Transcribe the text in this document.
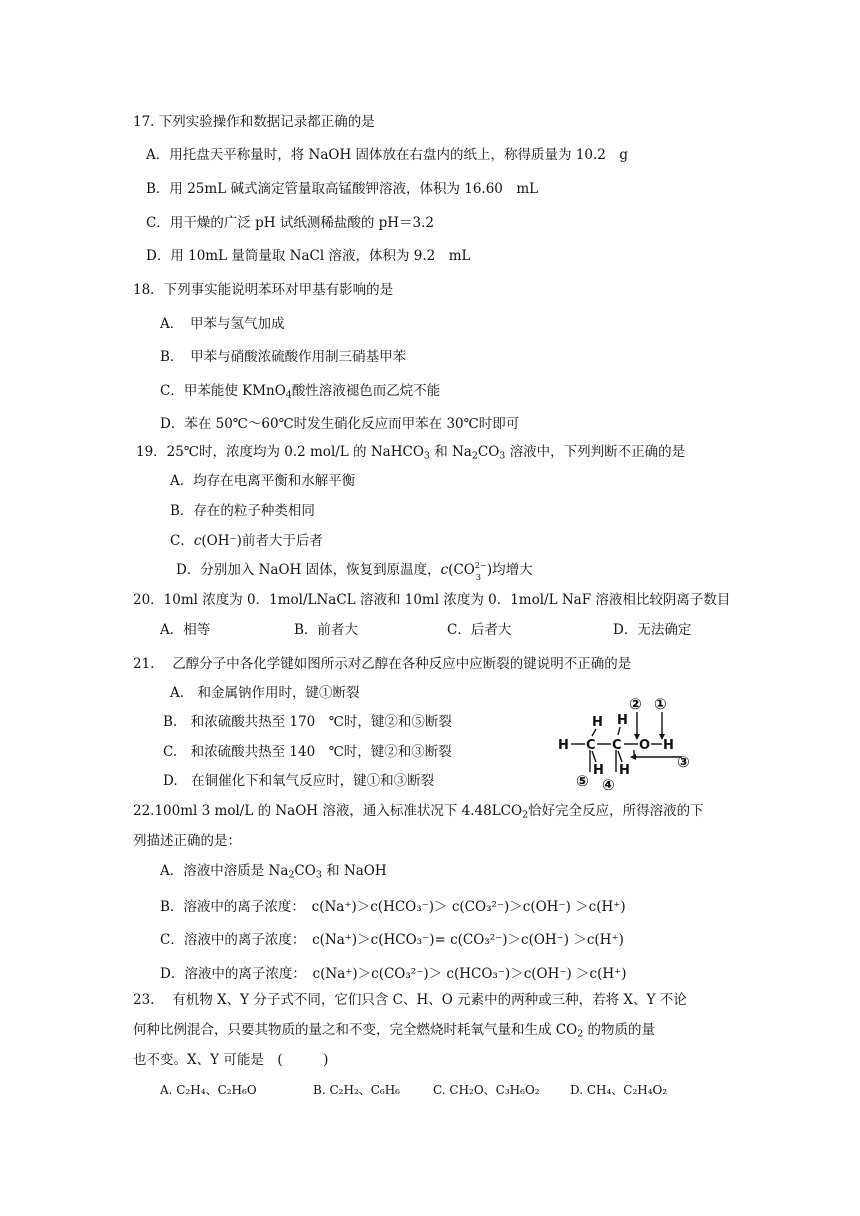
17. 下列实验操作和数据记录都正确的是
A．用托盘天平称量时，将 NaOH 固体放在右盘内的纸上，称得质量为 10.2　g
B．用 25mL 碱式滴定管量取高锰酸钾溶液，体积为 16.60　mL
C．用干燥的广泛 pH 试纸测稀盐酸的 pH＝3.2
D．用 10mL 量筒量取 NaCl 溶液，体积为 9.2　mL
18．下列事实能说明苯环对甲基有影响的是
A．　甲苯与氢气加成
B．　甲苯与硝酸浓硫酸作用制三硝基甲苯
C．甲苯能使 KMnO$_4$酸性溶液褪色而乙烷不能
D．苯在 50℃～60℃时发生硝化反应而甲苯在 30℃时即可
19．25℃时，浓度均为 0.2 mol/L 的 NaHCO$_3$ 和 $Na_2CO_3$ 溶液中，下列判断不正确的是
A．均存在电离平衡和水解平衡
B．存在的粒子种类相同
C．c(OH⁻)前者大于后者
D．分别加入 NaOH 固体，恢复到原温度，c(CO 2−
3 )均增大
20．10ml 浓度为 0．1mol/LNaCL 溶液和 10ml 浓度为 0．1mol/L NaF 溶液相比较阴离子数目
A．相等	B．前者大	C．后者大	D．无法确定
21.　 乙醇分子中各化学键如图所示对乙醇在各种反应中应断裂的键说明不正确的是
A.　和金属钠作用时，键①断裂
B.　和浓硫酸共热至 170　℃时，键②和⑤断裂
C.　和浓硫酸共热至 140　℃时，键②和③断裂
D.　在铜催化下和氧气反应时，键①和③断裂
H H
H C C O H
H H
② ①
③
⑤ ④
22.100ml 3 mol/L 的 NaOH 溶液，通入标准状况下 $4.48LCO_2$恰好完全反应，所得溶液的下
列描述正确的是：
A．溶液中溶质是 $Na_2CO_3$ 和 NaOH
B．溶液中的离子浓度：　c(Na⁺)＞c(HCO₃⁻)＞ c(CO₃²⁻)＞c(OH⁻) ＞c(H⁺)
C．溶液中的离子浓度：　c(Na⁺)＞c(HCO₃⁻)= c(CO₃²⁻)＞c(OH⁻) ＞c(H⁺)
D．溶液中的离子浓度：　c(Na⁺)＞c(CO₃²⁻)＞ c(HCO₃⁻)＞c(OH⁻) ＞c(H⁺)
23.　 有机物 X、Y 分子式不同，它们只含 C、H、O 元素中的两种或三种，若将 X、Y 不论
何种比例混合，只要其物质的量之和不变，完全燃烧时耗氧气量和生成 $CO_2$ 的物质的量
也不变。X、Y 可能是　(　　　)
A. C₂H₄、C₂H₆O	B. C₂H₂、C₆H₆	C. CH₂O、C₃H₆O₂	D. CH₄、C₂H₄O₂
